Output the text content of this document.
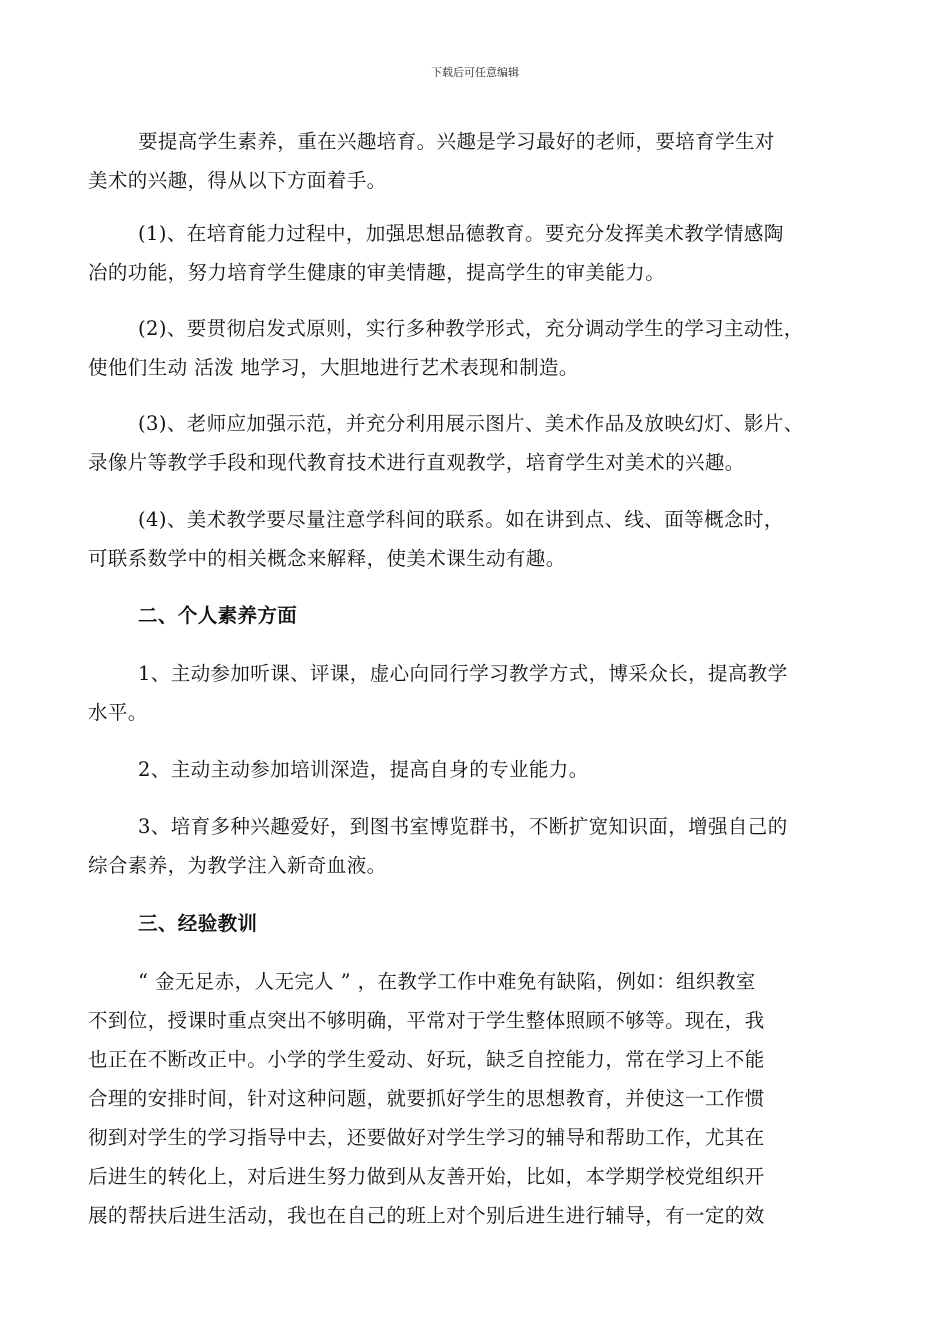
下载后可任意编辑

要提高学生素养，重在兴趣培育。兴趣是学习最好的老师，要培育学生对
美术的兴趣，得从以下方面着手。

(1)、在培育能力过程中，加强思想品德教育。要充分发挥美术教学情感陶
冶的功能，努力培育学生健康的审美情趣，提高学生的审美能力。

(2)、要贯彻启发式原则，实行多种教学形式，充分调动学生的学习主动性，
使他们生动 活泼 地学习，大胆地进行艺术表现和制造。

(3)、老师应加强示范，并充分利用展示图片、美术作品及放映幻灯、影片、
录像片等教学手段和现代教育技术进行直观教学，培育学生对美术的兴趣。

(4)、美术教学要尽量注意学科间的联系。如在讲到点、线、面等概念时，
可联系数学中的相关概念来解释，使美术课生动有趣。

二、个人素养方面

1、主动参加听课、评课，虚心向同行学习教学方式，博采众长，提高教学
水平。

2、主动主动参加培训深造，提高自身的专业能力。

3、培育多种兴趣爱好，到图书室博览群书，不断扩宽知识面，增强自己的
综合素养，为教学注入新奇血液。

三、经验教训

“ 金无足赤，人无完人 ” ，在教学工作中难免有缺陷，例如：组织教室
不到位，授课时重点突出不够明确，平常对于学生整体照顾不够等。现在，我
也正在不断改正中。小学的学生爱动、好玩，缺乏自控能力，常在学习上不能
合理的安排时间，针对这种问题，就要抓好学生的思想教育，并使这一工作惯
彻到对学生的学习指导中去，还要做好对学生学习的辅导和帮助工作，尤其在
后进生的转化上，对后进生努力做到从友善开始，比如，本学期学校党组织开
展的帮扶后进生活动，我也在自己的班上对个别后进生进行辅导，有一定的效
